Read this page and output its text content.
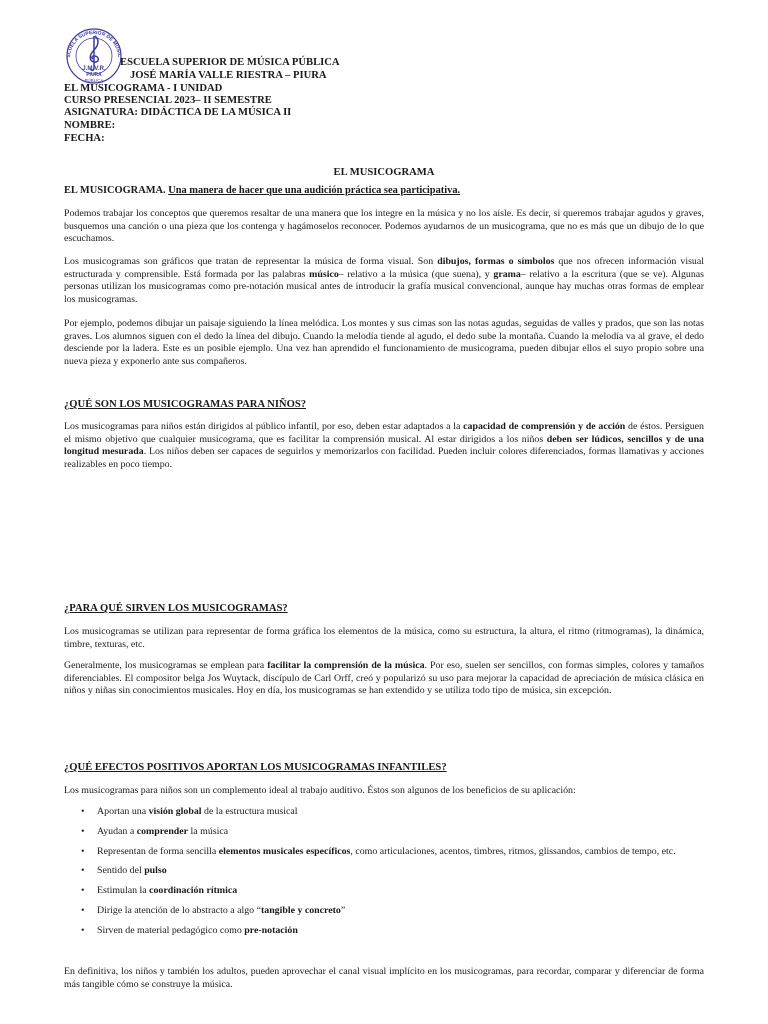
SCUELA SUPERIOR DE MÚSIC
J.M.V.R.
PIURA
PÚBLICA
ESCUELA SUPERIOR DE MÚSICA PÚBLICA
JOSÉ MARÍA VALLE RIESTRA – PIURA
EL MUSICOGRAMA - I UNIDAD
CURSO PRESENCIAL 2023– II SEMESTRE
ASIGNATURA: DIDÁCTICA DE LA MÚSICA II
NOMBRE:
FECHA:
EL MUSICOGRAMA
EL MUSICOGRAMA. Una manera de hacer que una audición práctica sea participativa.
Podemos trabajar los conceptos que queremos resaltar de una manera que los integre en la música y no los aísle. Es decir, si queremos trabajar agudos y graves, busquemos una canción o una pieza que los contenga y hagámoselos reconocer. Podemos ayudarnos de un musicograma, que no es más que un dibujo de lo que escuchamos.
Los musicogramas son gráficos que tratan de representar la música de forma visual. Son dibujos, formas o símbolos que nos ofrecen información visual estructurada y comprensible. Está formada por las palabras músico– relativo a la música (que suena), y grama– relativo a la escritura (que se ve). Algunas personas utilizan los musicogramas como pre-notación musical antes de introducir la grafía musical convencional, aunque hay muchas otras formas de emplear los musicogramas.
Por ejemplo, podemos dibujar un paisaje siguiendo la línea melódica. Los montes y sus cimas son las notas agudas, seguidas de valles y prados, que son las notas graves. Los alumnos siguen con el dedo la línea del dibujo. Cuando la melodía tiende al agudo, el dedo sube la montaña. Cuando la melodía va al grave, el dedo desciende por la ladera. Este es un posible ejemplo. Una vez han aprendido el funcionamiento de musicograma, pueden dibujar ellos el suyo propio sobre una nueva pieza y exponerlo ante sus compañeros.
¿QUÉ SON LOS MUSICOGRAMAS PARA NIÑOS?
Los musicogramas para niños están dirigidos al público infantil, por eso, deben estar adaptados a la capacidad de comprensión y de acción de éstos. Persiguen el mismo objetivo que cualquier musicograma, que es facilitar la comprensión musical. Al estar dirigidos a los niños deben ser lúdicos, sencillos y de una longitud mesurada. Los niños deben ser capaces de seguirlos y memorizarlos con facilidad. Pueden incluir colores diferenciados, formas llamativas y acciones realizables en poco tiempo.
¿PARA QUÉ SIRVEN LOS MUSICOGRAMAS?
Los musicogramas se utilizan para representar de forma gráfica los elementos de la música, como su estructura, la altura, el ritmo (ritmogramas), la dinámica, timbre, texturas, etc.
Generalmente, los musicogramas se emplean para facilitar la comprensión de la música. Por eso, suelen ser sencillos, con formas simples, colores y tamaños diferenciables. El compositor belga Jos Wuytack, discípulo de Carl Orff, creó y popularizó su uso para mejorar la capacidad de apreciación de música clásica en niños y niñas sin conocimientos musicales. Hoy en día, los musicogramas se han extendido y se utiliza todo tipo de música, sin excepción.
¿QUÉ EFECTOS POSITIVOS APORTAN LOS MUSICOGRAMAS INFANTILES?
Los musicogramas para niños son un complemento ideal al trabajo auditivo. Éstos son algunos de los beneficios de su aplicación:
• Aportan una visión global de la estructura musical
• Ayudan a comprender la música
• Representan de forma sencilla elementos musicales específicos, como articulaciones, acentos, timbres, ritmos, glissandos, cambios de tempo, etc.
• Sentido del pulso
• Estimulan la coordinación rítmica
• Dirige la atención de lo abstracto a algo “tangible y concreto”
• Sirven de material pedagógico como pre-notación
En definitiva, los niños y también los adultos, pueden aprovechar el canal visual implícito en los musicogramas, para recordar, comparar y diferenciar de forma más tangible cómo se construye la música.
